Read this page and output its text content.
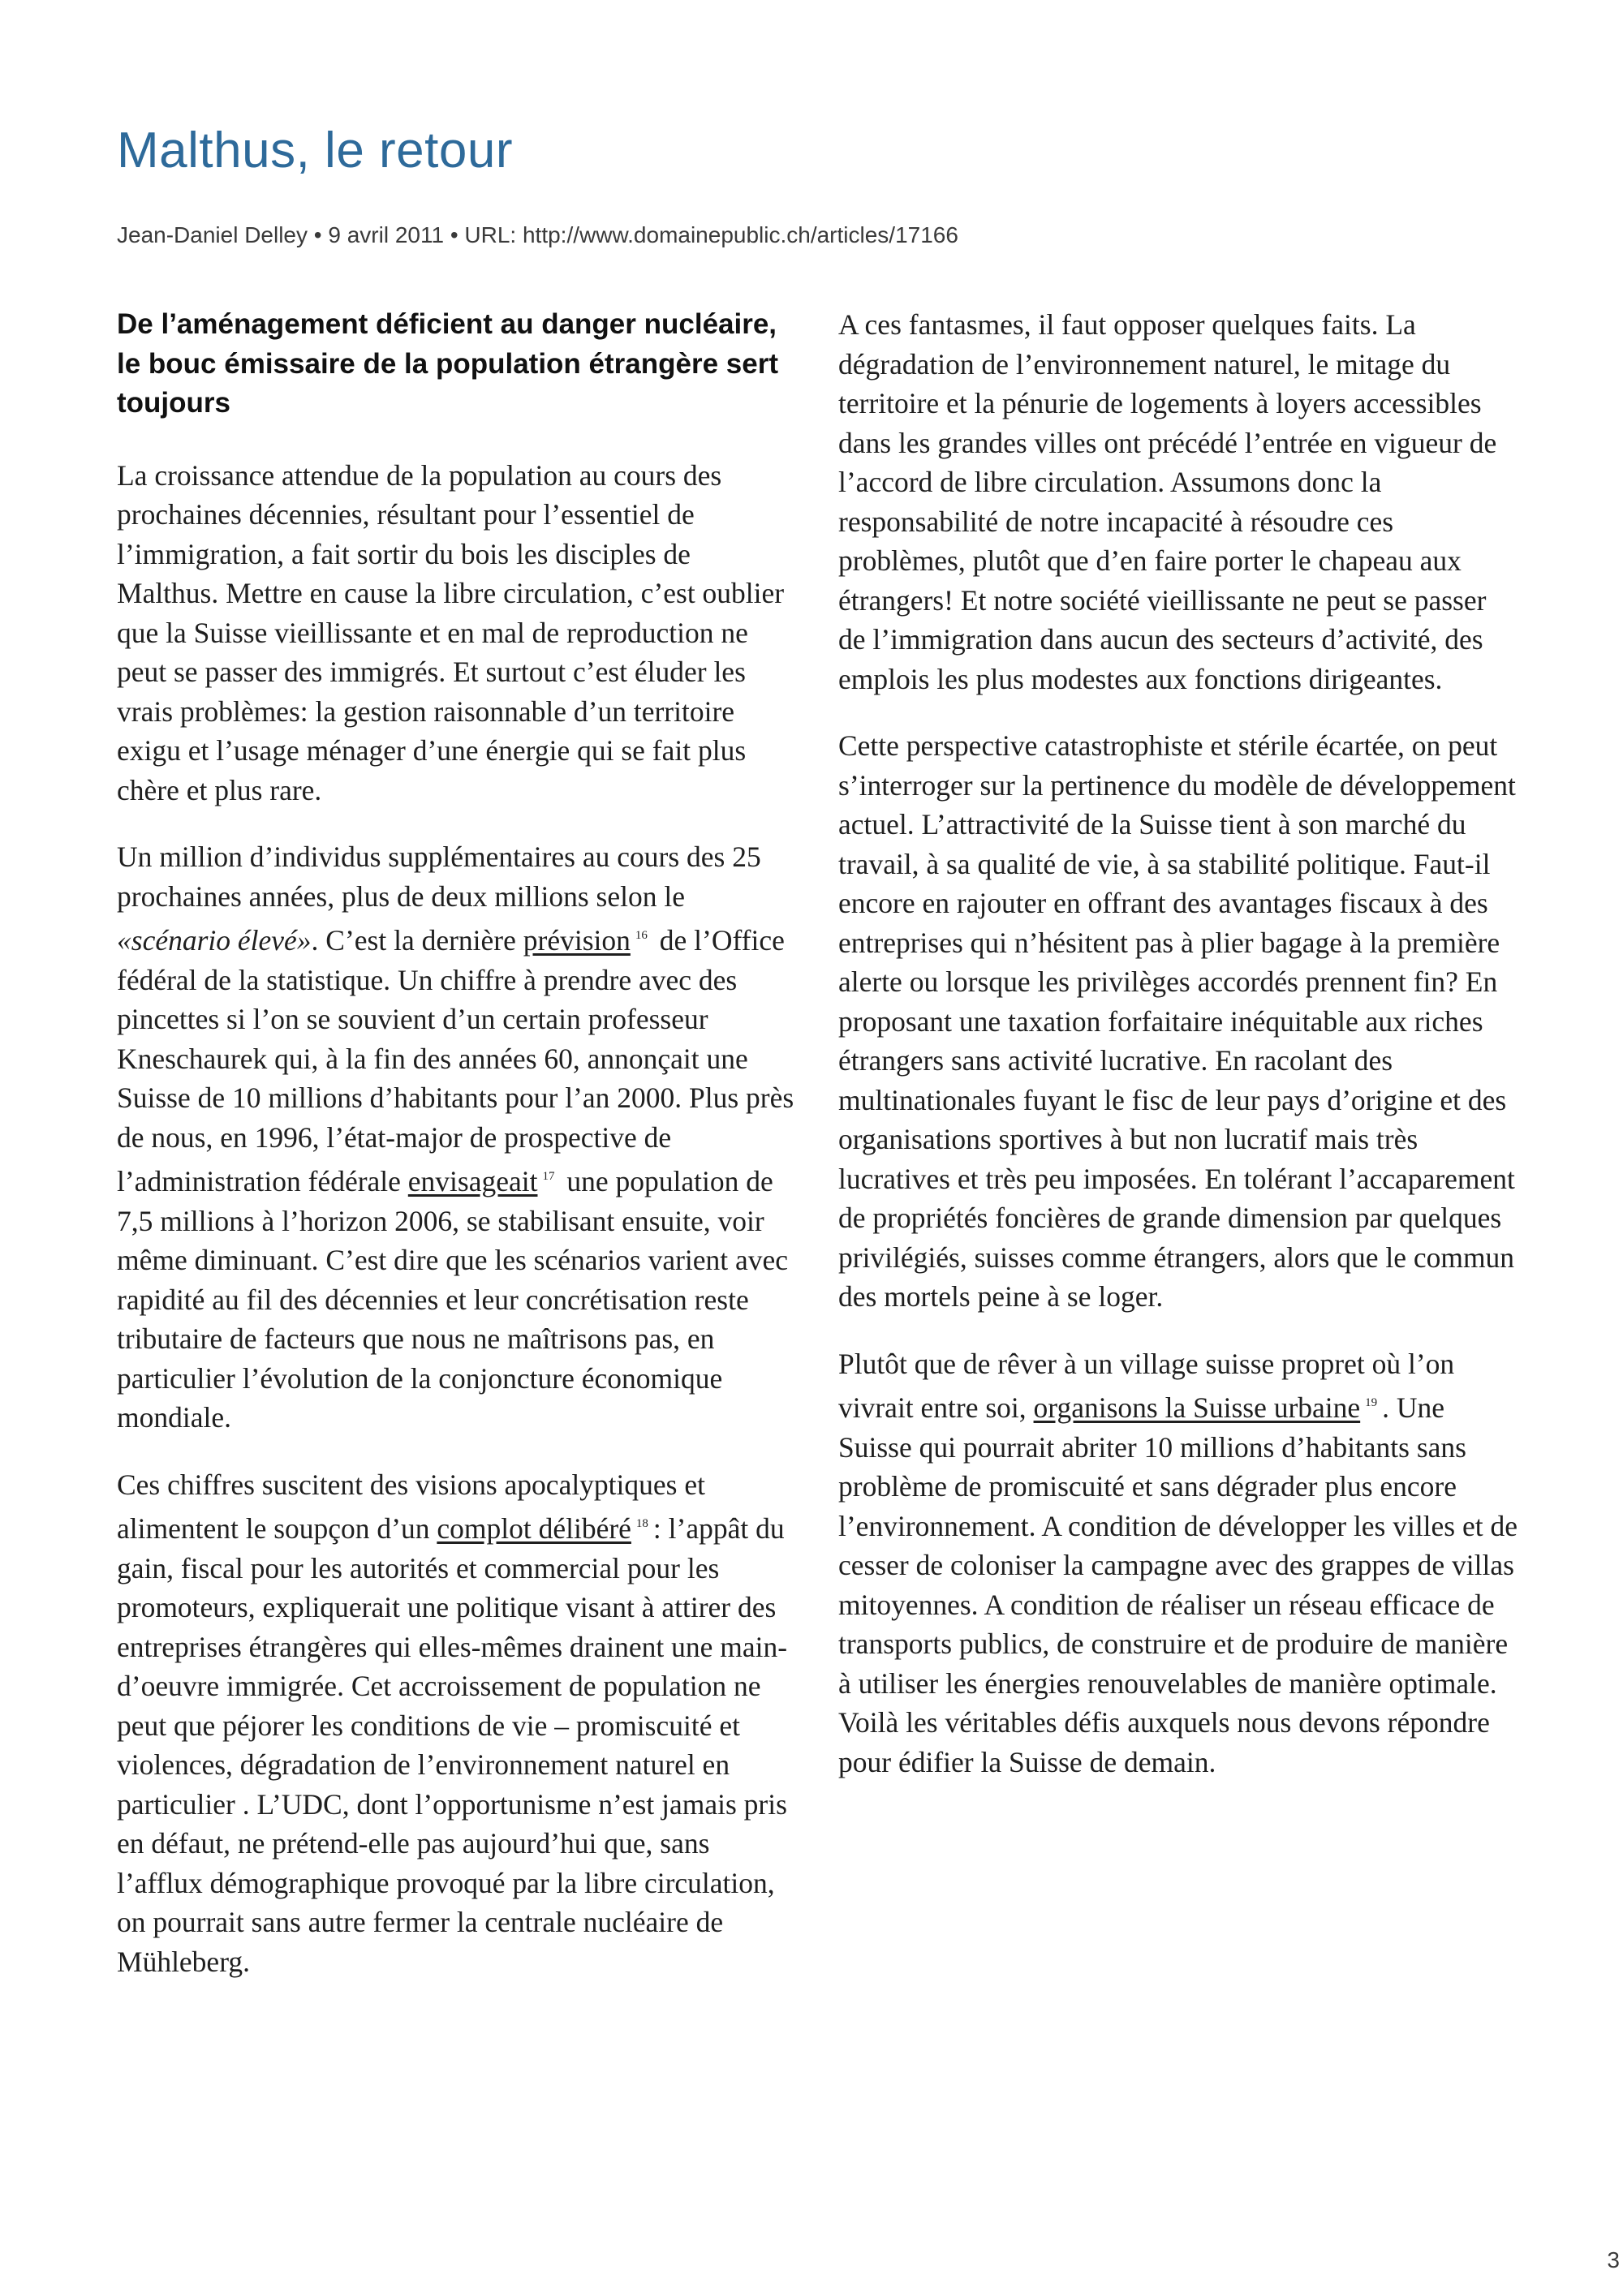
Malthus, le retour
Jean-Daniel Delley • 9 avril 2011 • URL: http://www.domainepublic.ch/articles/17166
De l’aménagement déficient au danger nucléaire, le bouc émissaire de la population étrangère sert toujours

La croissance attendue de la population au cours des prochaines décennies, résultant pour l’essentiel de l’immigration, a fait sortir du bois les disciples de Malthus. Mettre en cause la libre circulation, c’est oublier que la Suisse vieillissante et en mal de reproduction ne peut se passer des immigrés. Et surtout c’est éluder les vrais problèmes: la gestion raisonnable d’un territoire exigu et l’usage ménager d’une énergie qui se fait plus chère et plus rare.

Un million d’individus supplémentaires au cours des 25 prochaines années, plus de deux millions selon le «scénario élevé». C’est la dernière prévision $^{16}$ de l’Office fédéral de la statistique. Un chiffre à prendre avec des pincettes si l’on se souvient d’un certain professeur Kneschaurek qui, à la fin des années 60, annonçait une Suisse de 10 millions d’habitants pour l’an 2000. Plus près de nous, en 1996, l’état-major de prospective de l’administration fédérale envisageait $^{17}$ une population de 7,5 millions à l’horizon 2006, se stabilisant ensuite, voir même diminuant. C’est dire que les scénarios varient avec rapidité au fil des décennies et leur concrétisation reste tributaire de facteurs que nous ne maîtrisons pas, en particulier l’évolution de la conjoncture économique mondiale.

Ces chiffres suscitent des visions apocalyptiques et alimentent le soupçon d’un complot délibéré $^{18}$ : l’appât du gain, fiscal pour les autorités et commercial pour les promoteurs, expliquerait une politique visant à attirer des entreprises étrangères qui elles-mêmes drainent une main-d’oeuvre immigrée. Cet accroissement de population ne peut que péjorer les conditions de vie – promiscuité et violences, dégradation de l’environnement naturel en particulier . L’UDC, dont l’opportunisme n’est jamais pris en défaut, ne prétend-elle pas aujourd’hui que, sans l’afflux démographique provoqué par la libre circulation, on pourrait sans autre fermer la centrale nucléaire de Mühleberg.

A ces fantasmes, il faut opposer quelques faits. La dégradation de l’environnement naturel, le mitage du territoire et la pénurie de logements à loyers accessibles dans les grandes villes ont précédé l’entrée en vigueur de l’accord de libre circulation. Assumons donc la responsabilité de notre incapacité à résoudre ces problèmes, plutôt que d’en faire porter le chapeau aux étrangers! Et notre société vieillissante ne peut se passer de l’immigration dans aucun des secteurs d’activité, des emplois les plus modestes aux fonctions dirigeantes.

Cette perspective catastrophiste et stérile écartée, on peut s’interroger sur la pertinence du modèle de développement actuel. L’attractivité de la Suisse tient à son marché du travail, à sa qualité de vie, à sa stabilité politique. Faut-il encore en rajouter en offrant des avantages fiscaux à des entreprises qui n’hésitent pas à plier bagage à la première alerte ou lorsque les privilèges accordés prennent fin? En proposant une taxation forfaitaire inéquitable aux riches étrangers sans activité lucrative. En racolant des multinationales fuyant le fisc de leur pays d’origine et des organisations sportives à but non lucratif mais très lucratives et très peu imposées. En tolérant l’accaparement de propriétés foncières de grande dimension par quelques privilégiés, suisses comme étrangers, alors que le commun des mortels peine à se loger.

Plutôt que de rêver à un village suisse propret où l’on vivrait entre soi, organisons la Suisse urbaine $^{19}$ . Une Suisse qui pourrait abriter 10 millions d’habitants sans problème de promiscuité et sans dégrader plus encore l’environnement. A condition de développer les villes et de cesser de coloniser la campagne avec des grappes de villas mitoyennes. A condition de réaliser un réseau efficace de transports publics, de construire et de produire de manière à utiliser les énergies renouvelables de manière optimale. Voilà les véritables défis auxquels nous devons répondre pour édifier la Suisse de demain.

3
